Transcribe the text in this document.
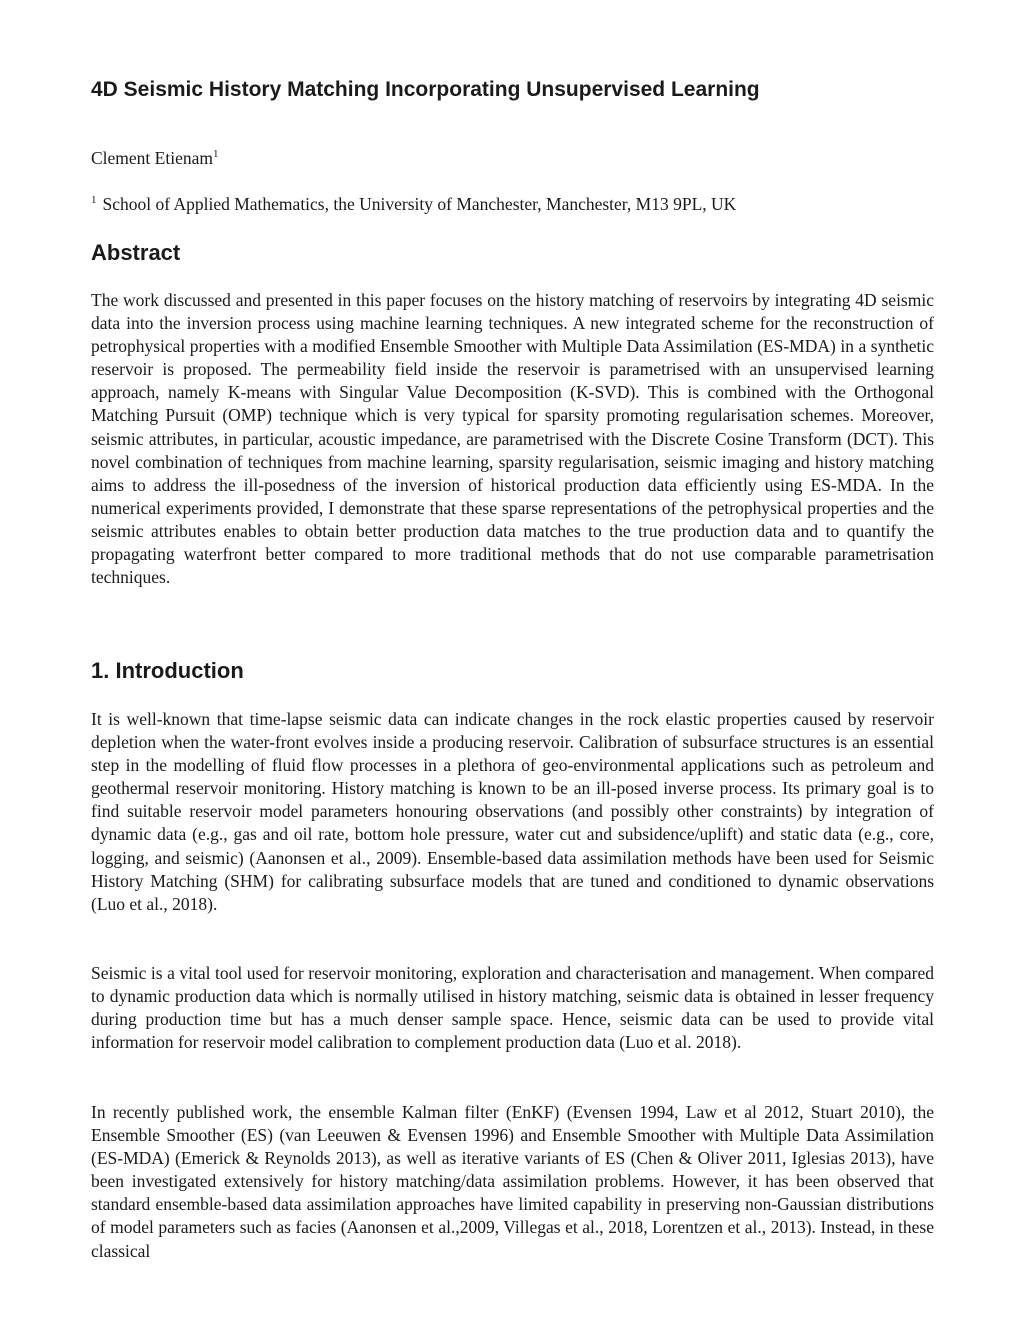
4D Seismic History Matching Incorporating Unsupervised Learning

Clement Etienam$^1$

$^1$ School of Applied Mathematics, the University of Manchester, Manchester, M13 9PL, UK

Abstract

The work discussed and presented in this paper focuses on the history matching of reservoirs by integrating 4D seismic data into the inversion process using machine learning techniques. A new integrated scheme for the reconstruction of petrophysical properties with a modified Ensemble Smoother with Multiple Data Assimilation (ES-MDA) in a synthetic reservoir is proposed. The permeability field inside the reservoir is parametrised with an unsupervised learning approach, namely K-means with Singular Value Decomposition (K-SVD). This is combined with the Orthogonal Matching Pursuit (OMP) technique which is very typical for sparsity promoting regularisation schemes. Moreover, seismic attributes, in particular, acoustic impedance, are parametrised with the Discrete Cosine Transform (DCT). This novel combination of techniques from machine learning, sparsity regularisation, seismic imaging and history matching aims to address the ill-posedness of the inversion of historical production data efficiently using ES-MDA. In the numerical experiments provided, I demonstrate that these sparse representations of the petrophysical properties and the seismic attributes enables to obtain better production data matches to the true production data and to quantify the propagating waterfront better compared to more traditional methods that do not use comparable parametrisation techniques.

1. Introduction

It is well-known that time-lapse seismic data can indicate changes in the rock elastic properties caused by reservoir depletion when the water-front evolves inside a producing reservoir. Calibration of subsurface structures is an essential step in the modelling of fluid flow processes in a plethora of geo-environmental applications such as petroleum and geothermal reservoir monitoring. History matching is known to be an ill-posed inverse process. Its primary goal is to find suitable reservoir model parameters honouring observations (and possibly other constraints) by integration of dynamic data (e.g., gas and oil rate, bottom hole pressure, water cut and subsidence/uplift) and static data (e.g., core, logging, and seismic) (Aanonsen et al., 2009). Ensemble-based data assimilation methods have been used for Seismic History Matching (SHM) for calibrating subsurface models that are tuned and conditioned to dynamic observations (Luo et al., 2018).

Seismic is a vital tool used for reservoir monitoring, exploration and characterisation and management. When compared to dynamic production data which is normally utilised in history matching, seismic data is obtained in lesser frequency during production time but has a much denser sample space. Hence, seismic data can be used to provide vital information for reservoir model calibration to complement production data (Luo et al. 2018).

In recently published work, the ensemble Kalman filter (EnKF) (Evensen 1994, Law et al 2012, Stuart 2010), the Ensemble Smoother (ES) (van Leeuwen & Evensen 1996) and Ensemble Smoother with Multiple Data Assimilation (ES-MDA) (Emerick & Reynolds 2013), as well as iterative variants of ES (Chen & Oliver 2011, Iglesias 2013), have been investigated extensively for history matching/data assimilation problems. However, it has been observed that standard ensemble-based data assimilation approaches have limited capability in preserving non-Gaussian distributions of model parameters such as facies (Aanonsen et al.,2009, Villegas et al., 2018, Lorentzen et al., 2013). Instead, in these classical
